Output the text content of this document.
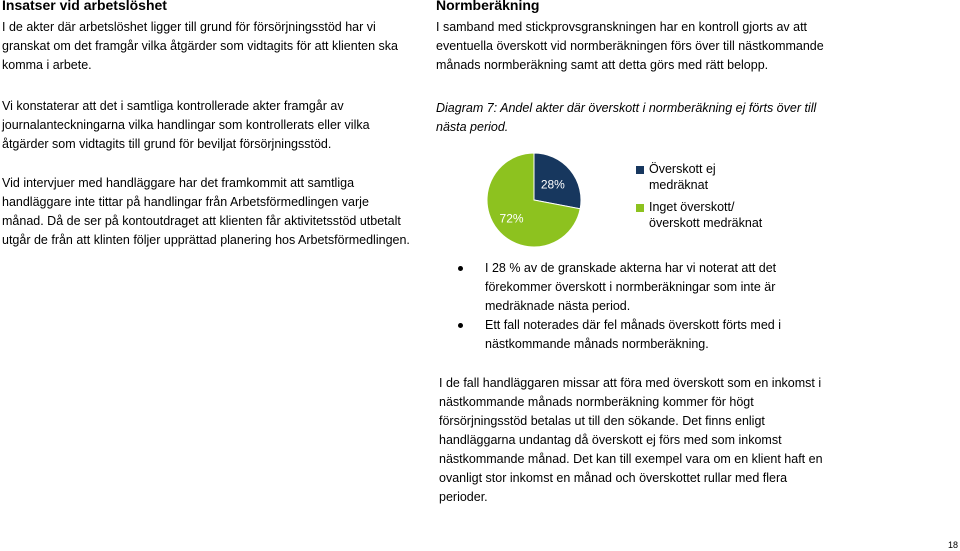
Insatser vid arbetslöshet

I de akter där arbetslöshet ligger till grund för försörjningsstöd har vi granskat om det framgår vilka åtgärder som vidtagits för att klienten ska komma i arbete.

Vi konstaterar att det i samtliga kontrollerade akter framgår av journalanteckningarna vilka handlingar som kontrollerats eller vilka åtgärder som vidtagits till grund för beviljat försörjningsstöd.

Vid intervjuer med handläggare har det framkommit att samtliga handläggare inte tittar på handlingar från Arbetsförmedlingen varje månad. Då de ser på kontoutdraget att klienten får aktivitetsstöd utbetalt utgår de från att klinten följer upprättad planering hos Arbetsförmedlingen.

Normberäkning

I samband med stickprovsgranskningen har en kontroll gjorts av att eventuella överskott vid normberäkningen förs över till nästkommande månads normberäkning samt att detta görs med rätt belopp.

Diagram 7: Andel akter där överskott i normberäkning ej förts över till nästa period.
28%
72%
Överskott ej medräknat
Inget överskott/ överskott medräknat
I 28 % av de granskade akterna har vi noterat att det förekommer överskott i normberäkningar som inte är medräknade nästa period.
Ett fall noterades där fel månads överskott förts med i nästkommande månads normberäkning.
I de fall handläggaren missar att föra med överskott som en inkomst i nästkommande månads normberäkning kommer för högt försörjningsstöd betalas ut till den sökande. Det finns enligt handläggarna undantag då överskott ej förs med som inkomst nästkommande månad. Det kan till exempel vara om en klient haft en ovanligt stor inkomst en månad och överskottet rullar med flera perioder.
18
